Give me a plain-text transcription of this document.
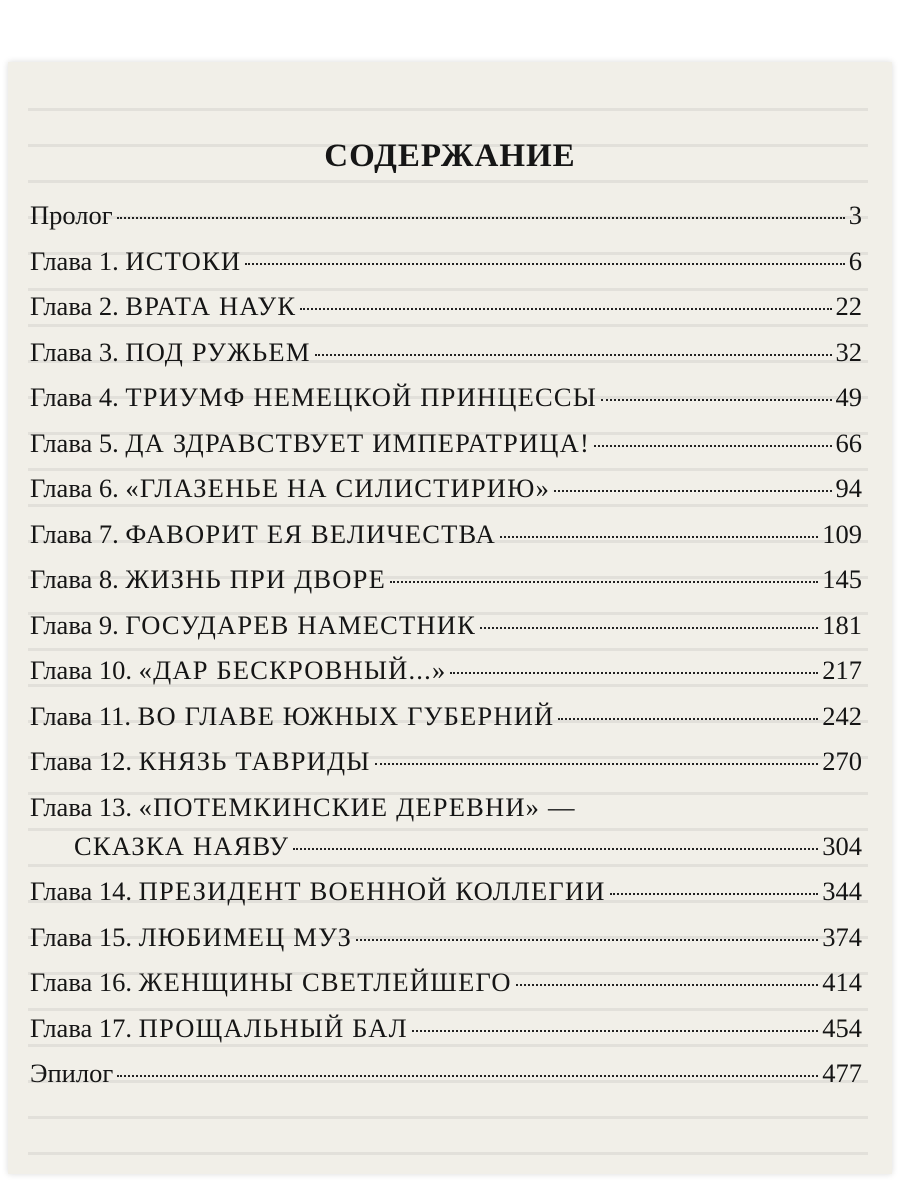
СОДЕРЖАНИЕ
Пролог	3
Глава 1. ИСТОКИ	6
Глава 2. ВРАТА НАУК	22
Глава 3. ПОД РУЖЬЕМ	32
Глава 4. ТРИУМФ НЕМЕЦКОЙ ПРИНЦЕССЫ	49
Глава 5. ДА ЗДРАВСТВУЕТ ИМПЕРАТРИЦА!	66
Глава 6. «ГЛАЗЕНЬЕ НА СИЛИСТИРИЮ»	94
Глава 7. ФАВОРИТ ЕЯ ВЕЛИЧЕСТВА	109
Глава 8. ЖИЗНЬ ПРИ ДВОРЕ	145
Глава 9. ГОСУДАРЕВ НАМЕСТНИК	181
Глава 10. «ДАР БЕСКРОВНЫЙ...»	217
Глава 11. ВО ГЛАВЕ ЮЖНЫХ ГУБЕРНИЙ	242
Глава 12. КНЯЗЬ ТАВРИДЫ	270
Глава 13. «ПОТЕМКИНСКИЕ ДЕРЕВНИ» —
СКАЗКА НАЯВУ	304
Глава 14. ПРЕЗИДЕНТ ВОЕННОЙ КОЛЛЕГИИ	344
Глава 15. ЛЮБИМЕЦ МУЗ	374
Глава 16. ЖЕНЩИНЫ СВЕТЛЕЙШЕГО	414
Глава 17. ПРОЩАЛЬНЫЙ БАЛ	454
Эпилог	477
